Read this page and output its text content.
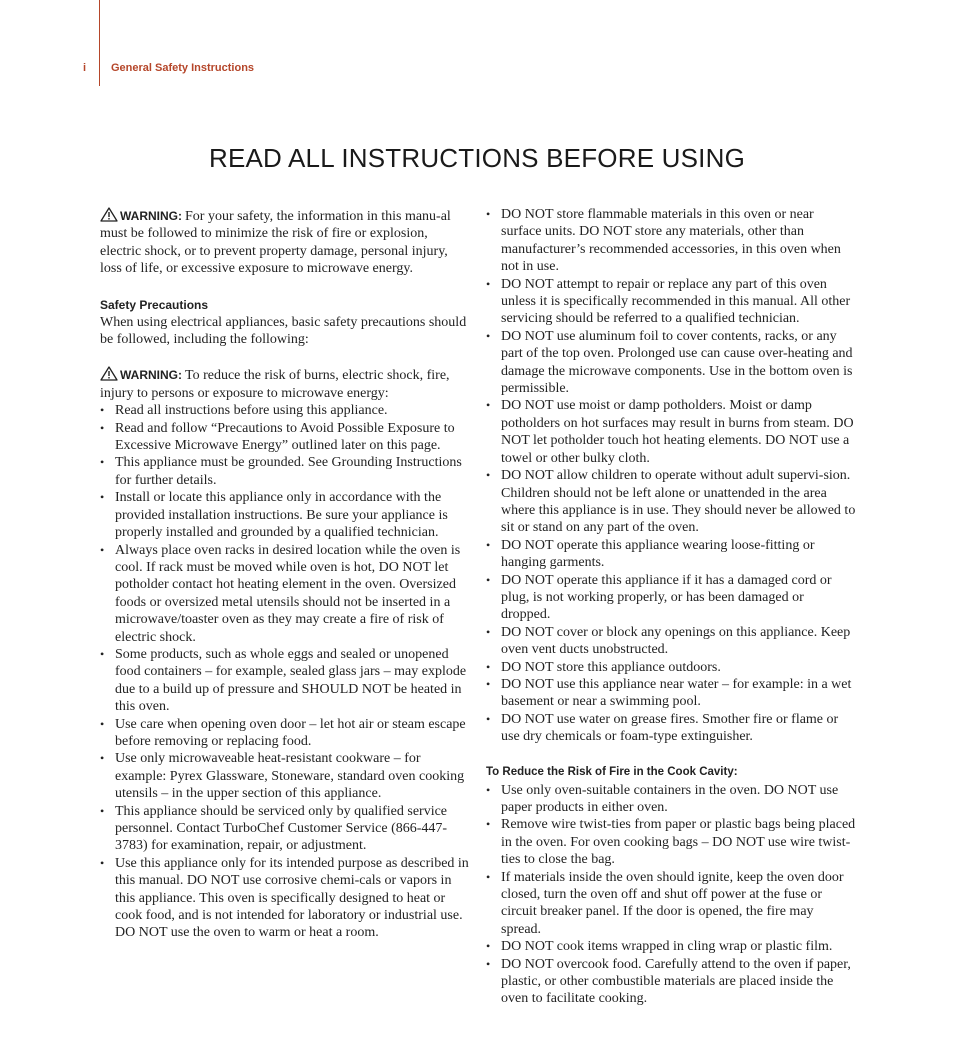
i General Safety Instructions
READ ALL INSTRUCTIONS BEFORE USING

WARNING: For your safety, the information in this manu-al must be followed to minimize the risk of fire or explosion, electric shock, or to prevent property damage, personal injury, loss of life, or excessive exposure to microwave energy.

Safety Precautions

When using electrical appliances, basic safety precautions should be followed, including the following:

WARNING: To reduce the risk of burns, electric shock, fire, injury to persons or exposure to microwave energy:

• Read all instructions before using this appliance.
• Read and follow “Precautions to Avoid Possible Exposure to Excessive Microwave Energy” outlined later on this page.
• This appliance must be grounded. See Grounding Instructions for further details.
• Install or locate this appliance only in accordance with the provided installation instructions. Be sure your appliance is properly installed and grounded by a qualified technician.
• Always place oven racks in desired location while the oven is cool. If rack must be moved while oven is hot, DO NOT let potholder contact hot heating element in the oven. Oversized foods or oversized metal utensils should not be inserted in a microwave/toaster oven as they may create a fire of risk of electric shock.
• Some products, such as whole eggs and sealed or unopened food containers – for example, sealed glass jars – may explode due to a build up of pressure and SHOULD NOT be heated in this oven.
• Use care when opening oven door – let hot air or steam escape before removing or replacing food.
• Use only microwaveable heat-resistant cookware – for example: Pyrex Glassware, Stoneware, standard oven cooking utensils – in the upper section of this appliance.
• This appliance should be serviced only by qualified service personnel. Contact TurboChef Customer Service (866-447-3783) for examination, repair, or adjustment.
• Use this appliance only for its intended purpose as described in this manual. DO NOT use corrosive chemi-cals or vapors in this appliance. This oven is specifically designed to heat or cook food, and is not intended for laboratory or industrial use. DO NOT use the oven to warm or heat a room.
• DO NOT store flammable materials in this oven or near surface units. DO NOT store any materials, other than manufacturer’s recommended accessories, in this oven when not in use.
• DO NOT attempt to repair or replace any part of this oven unless it is specifically recommended in this manual. All other servicing should be referred to a qualified technician.
• DO NOT use aluminum foil to cover contents, racks, or any part of the top oven. Prolonged use can cause over-heating and damage the microwave components. Use in the bottom oven is permissible.
• DO NOT use moist or damp potholders. Moist or damp potholders on hot surfaces may result in burns from steam. DO NOT let potholder touch hot heating elements. DO NOT use a towel or other bulky cloth.
• DO NOT allow children to operate without adult supervi-sion. Children should not be left alone or unattended in the area where this appliance is in use. They should never be allowed to sit or stand on any part of the oven.
• DO NOT operate this appliance wearing loose-fitting or hanging garments.
• DO NOT operate this appliance if it has a damaged cord or plug, is not working properly, or has been damaged or dropped.
• DO NOT cover or block any openings on this appliance. Keep oven vent ducts unobstructed.
• DO NOT store this appliance outdoors.
• DO NOT use this appliance near water – for example: in a wet basement or near a swimming pool.
• DO NOT use water on grease fires. Smother fire or flame or use dry chemicals or foam-type extinguisher.
To Reduce the Risk of Fire in the Cook Cavity:
• Use only oven-suitable containers in the oven. DO NOT use paper products in either oven.
• Remove wire twist-ties from paper or plastic bags being placed in the oven. For oven cooking bags – DO NOT use wire twist-ties to close the bag.
• If materials inside the oven should ignite, keep the oven door closed, turn the oven off and shut off power at the fuse or circuit breaker panel. If the door is opened, the fire may spread.
• DO NOT cook items wrapped in cling wrap or plastic film.
• DO NOT overcook food. Carefully attend to the oven if paper, plastic, or other combustible materials are placed inside the oven to facilitate cooking.
